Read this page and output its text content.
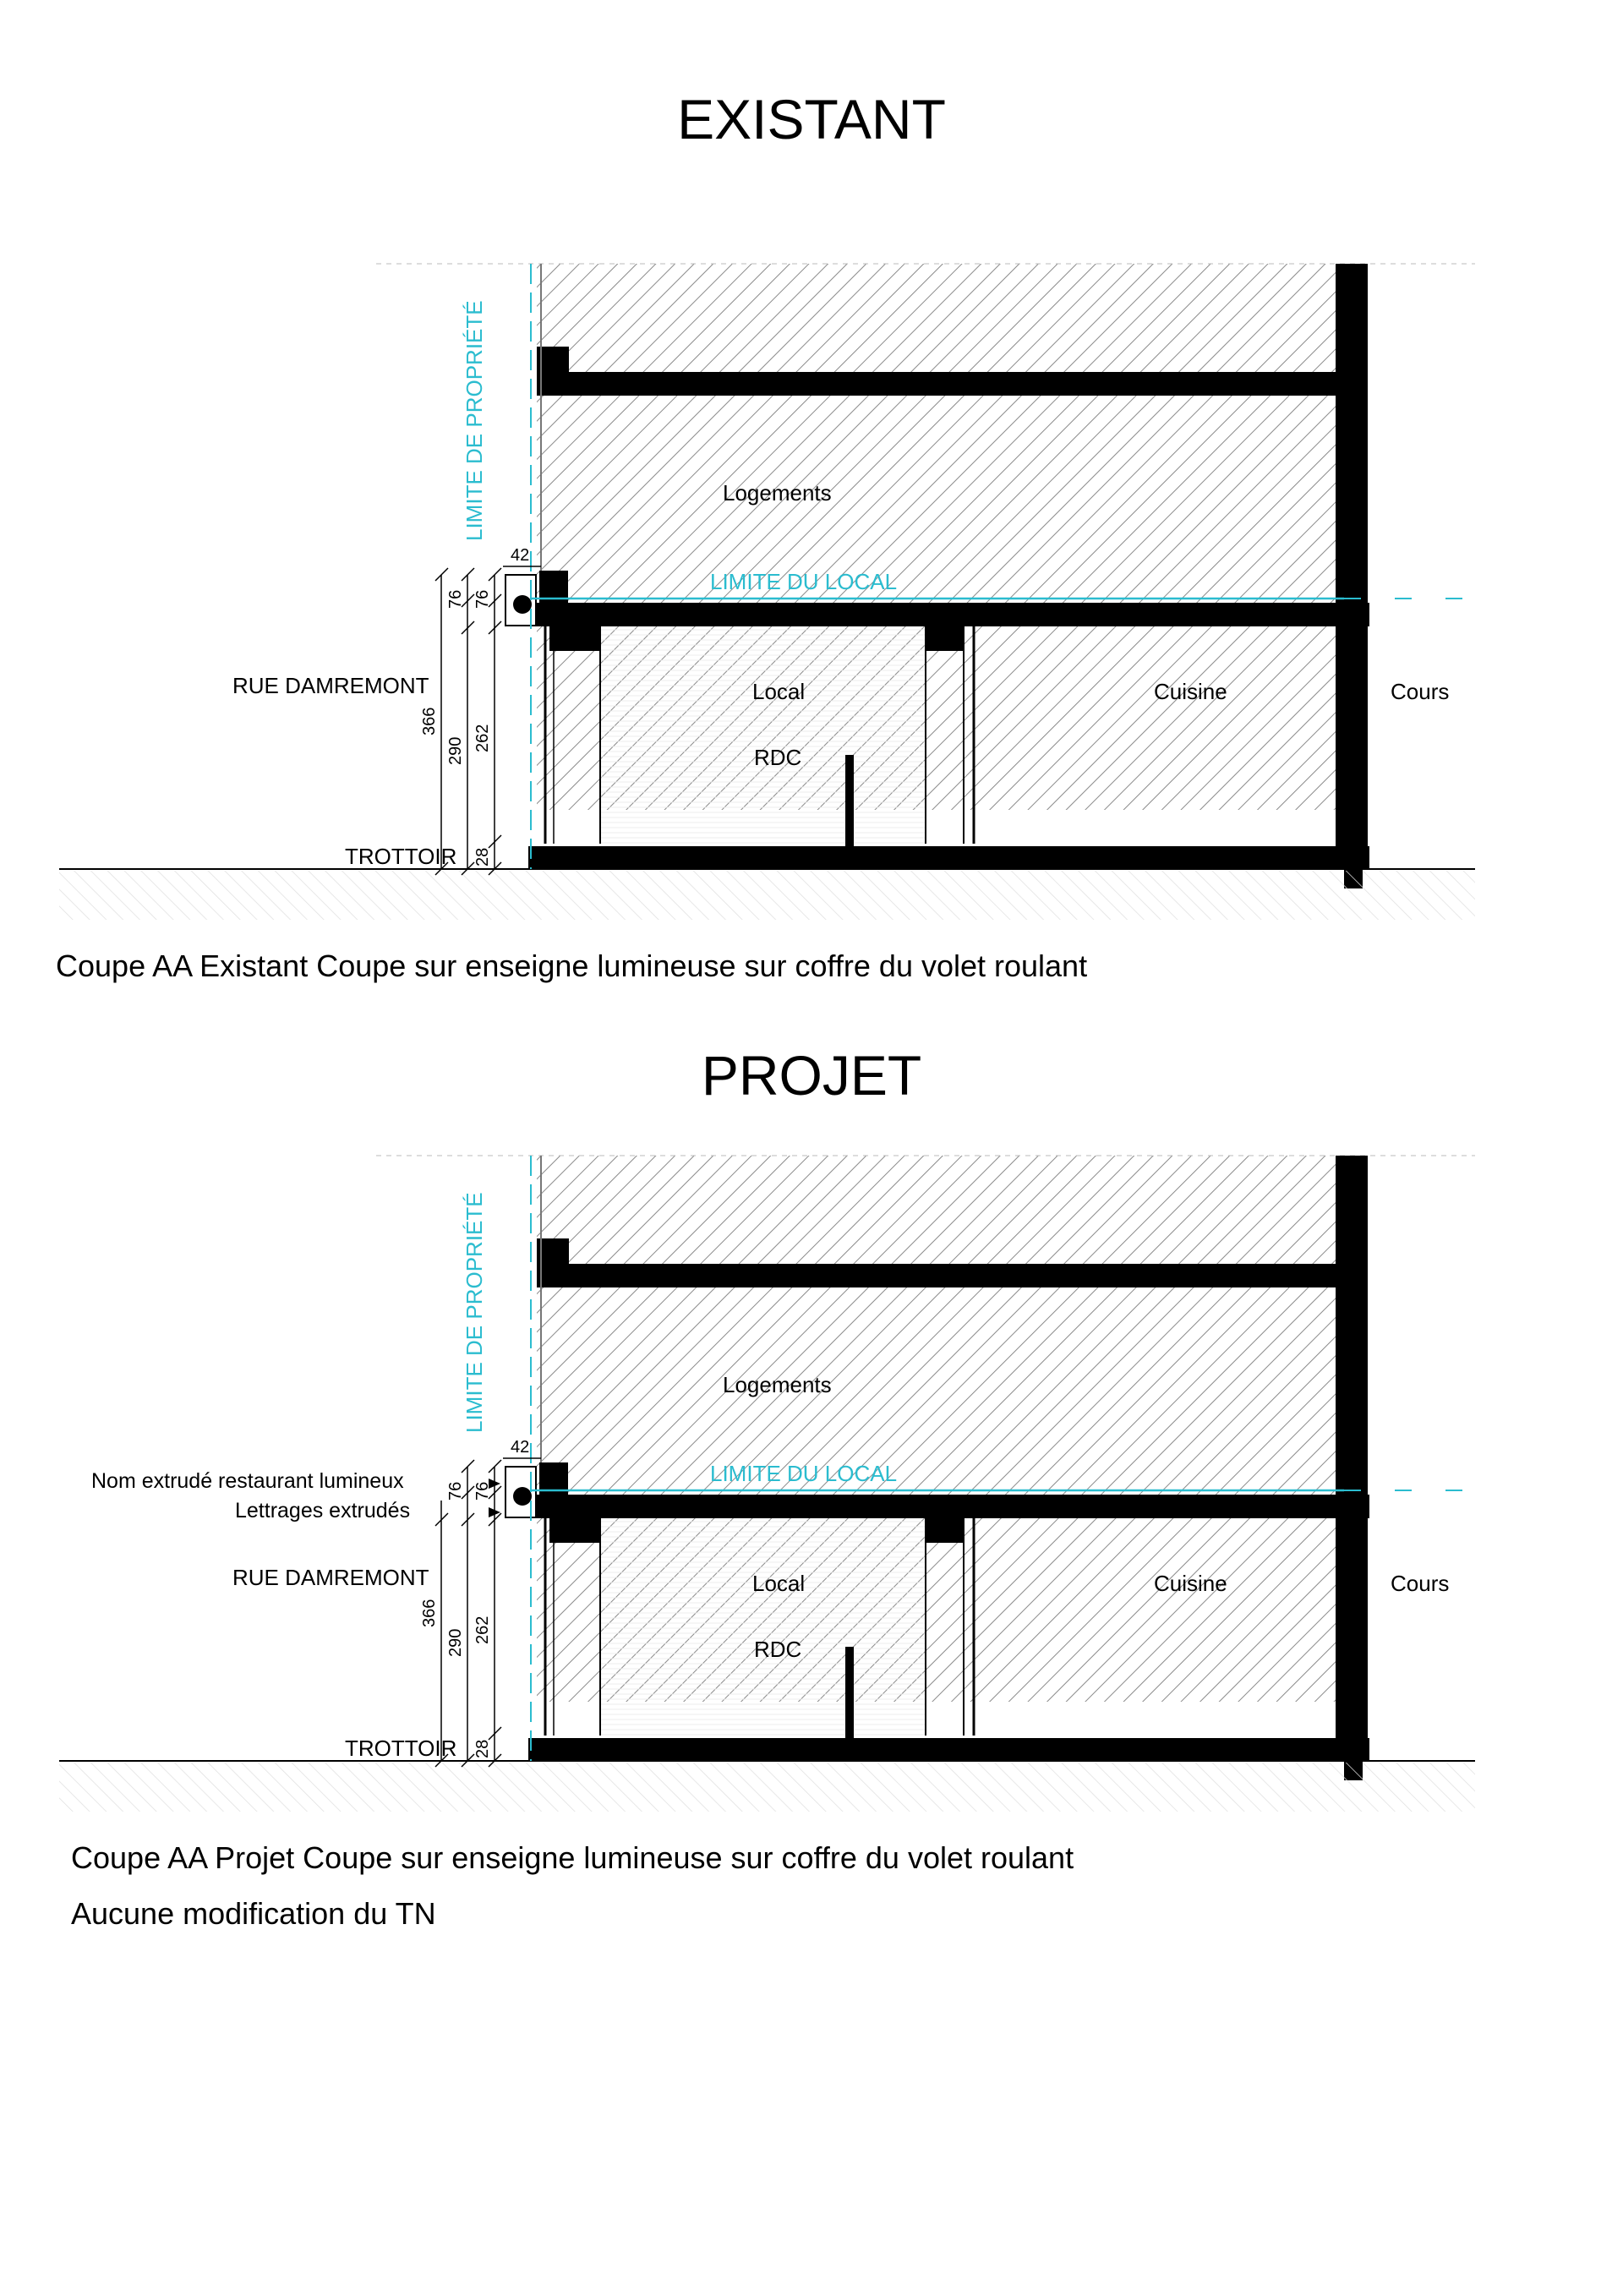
EXISTANT
LIMITE DE PROPRIÉTÉ
LIMITE DU LOCAL
Logements
Local
RDC
Cuisine	Cours
RUE DAMREMONT
TROTTOIR
42
76 76
366
290 262
28
Coupe AA Existant Coupe sur enseigne lumineuse sur coffre du volet roulant
PROJET
LIMITE DE PROPRIÉTÉ
LIMITE DU LOCAL
Logements
Local
RDC
Cuisine	Cours
RUE DAMREMONT
TROTTOIR
Nom extrudé restaurant lumineux
Lettrages extrudés
42
76 76
366
290 262
28
Coupe AA Projet Coupe sur enseigne lumineuse sur coffre du volet roulant
Aucune modification du TN
